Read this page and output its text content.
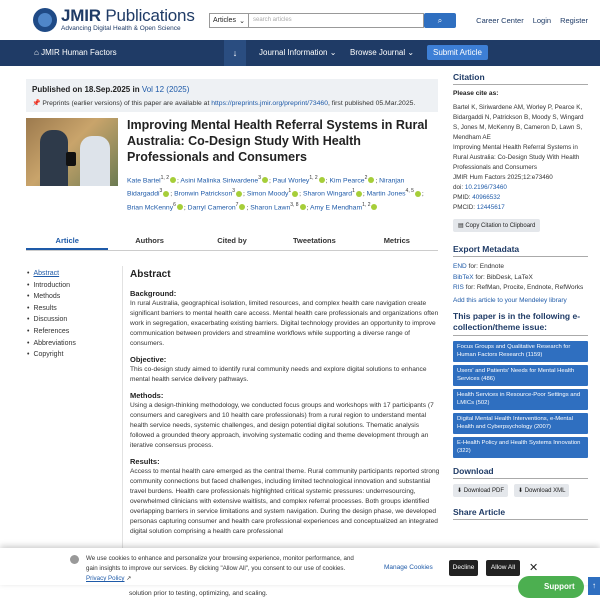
JMIR Publications
Advancing Digital Health & Open Science
Articles ⌄	search articles	⌕	Career Center Login Register
⌂ JMIR Human Factors	↓	Journal Information ⌄ Browse Journal ⌄	Submit Article
Published on 18.Sep.2025 in Vol 12 (2025)
📌 Preprints (earlier versions) of this paper are available at https://preprints.jmir.org/preprint/73460, first published 05.Mar.2025.
Improving Mental Health Referral Systems in Rural Australia: Co-Design Study With Health Professionals and Consumers
Kate Bartel$^{1, 2}$ ; Asini Malinka Siriwardene$^3$ ; Paul Worley$^{1, 2}$ ; Kim Pearce$^2$ ; Niranjan Bidargaddi$^3$ ; Bronwin Patrickson$^3$ ; Simon Moody$^1$ ; Sharon Wingard$^1$ ; Martin Jones$^{4, 5}$ ; Brian McKenny$^6$ ; Darryl Cameron$^7$ ; Sharon Lawn$^{3, 8}$ ; Amy E Mendham$^{1, 2}$
Article	Authors	Cited by	Tweetations	Metrics
• Abstract
• Introduction
• Methods
• Results
• Discussion
• References
• Abbreviations
• Copyright
Abstract
Background:

In rural Australia, geographical isolation, limited resources, and complex health care navigation create significant barriers to mental health care access. Mental health care professionals and organizations often work in segregation, exacerbating existing barriers. Digital technology provides an opportunity to improve communication between providers and streamline workflows while supporting a diverse range of consumers.

Objective:

This co-design study aimed to identify rural community needs and explore digital solutions to enhance mental health service delivery pathways.

Methods:

Using a design-thinking methodology, we conducted focus groups and workshops with 17 participants (7 consumers and caregivers and 10 health care professionals) from a rural region to understand mental health service needs, systemic challenges, and design potential digital solutions. Thematic analysis followed a grounded theory approach, involving systematic coding and theme development through an iterative consensus process.

Results:

Access to mental health care emerged as the central theme. Rural community participants reported strong community connections but faced challenges, including limited technological innovation and substantial travel burdens. Health care professionals highlighted critical systemic pressures: underresourcing, overwhelmed clinicians with extensive waitlists, and complex referral processes. Both groups identified overlapping barriers in service limitations and system navigation. During the design phase, we developed personas capturing consumer and health care professional experiences and conceptualized an integrated digital solution comprising a health care professional

Citation
Please cite as:
Bartel K, Siriwardene AM, Worley P, Pearce K, Bidargaddi N, Patrickson B, Moody S, Wingard S, Jones M, McKenny B, Cameron D, Lawn S, Mendham AE
Improving Mental Health Referral Systems in Rural Australia: Co-Design Study With Health Professionals and Consumers
JMIR Hum Factors 2025;12:e73460
doi: 10.2196/73460
PMID: 40966532
PMCID: 12445617
▤ Copy Citation to Clipboard
Export Metadata
END for: Endnote
BibTeX for: BibDesk, LaTeX
RIS for: RefMan, Procite, Endnote, RefWorks
Add this article to your Mendeley library
This paper is in the following e-collection/theme issue:
Focus Groups and Qualitative Research for Human Factors Research (1159)
Users' and Patients' Needs for Mental Health Services (486)
Health Services in Resource-Poor Settings and LMICs (502)
Digital Mental Health Interventions, e-Mental Health and Cyberpsychology (2007)
E-Health Policy and Health Systems Innovation (322)
Download
⬇ Download PDF ⬇ Download XML
Share Article
solution prior to testing, optimizing, and scaling.
We use cookies to enhance and personalize your browsing experience, monitor performance, and gain insights to improve our services. By clicking "Allow All", you consent to our use of cookies. Privacy Policy ↗
Manage Cookies	Decline	Allow All	✕
Support	↑
